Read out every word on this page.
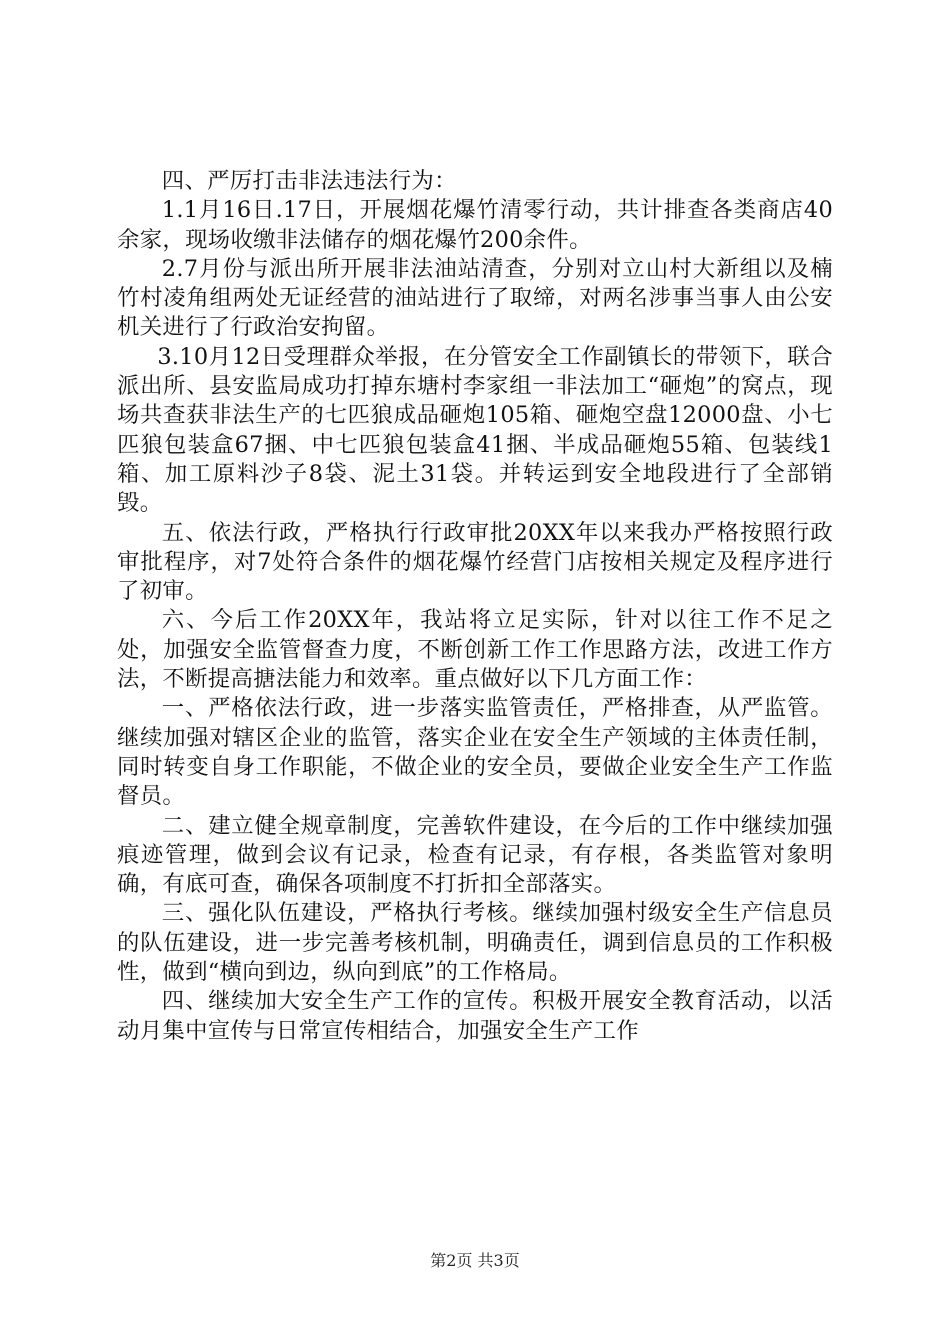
四、严厉打击非法违法行为：

1.1月16日.17日，开展烟花爆竹清零行动，共计排查各类商店40余家，现场收缴非法储存的烟花爆竹200余件。

2.7月份与派出所开展非法油站清查，分别对立山村大新组以及楠竹村凌角组两处无证经营的油站进行了取缔，对两名涉事当事人由公安机关进行了行政治安拘留。

3.10月12日受理群众举报，在分管安全工作副镇长的带领下，联合派出所、县安监局成功打掉东塘村李家组一非法加工“砸炮”的窝点，现场共查获非法生产的七匹狼成品砸炮105箱、砸炮空盘12000盘、小七匹狼包装盒67捆、中七匹狼包装盒41捆、半成品砸炮55箱、包装线1箱、加工原料沙子8袋、泥土31袋。并转运到安全地段进行了全部销毁。

五、依法行政，严格执行行政审批20XX年以来我办严格按照行政审批程序，对7处符合条件的烟花爆竹经营门店按相关规定及程序进行了初审。

六、今后工作20XX年，我站将立足实际，针对以往工作不足之处，加强安全监管督查力度，不断创新工作工作思路方法，改进工作方法，不断提高搪法能力和效率。重点做好以下几方面工作：

一、严格依法行政，进一步落实监管责任，严格排查，从严监管。继续加强对辖区企业的监管，落实企业在安全生产领域的主体责任制，同时转变自身工作职能，不做企业的安全员，要做企业安全生产工作监督员。

二、建立健全规章制度，完善软件建设，在今后的工作中继续加强痕迹管理，做到会议有记录，检查有记录，有存根，各类监管对象明确，有底可查，确保各项制度不打折扣全部落实。

三、强化队伍建设，严格执行考核。继续加强村级安全生产信息员的队伍建设，进一步完善考核机制，明确责任，调到信息员的工作积极性，做到“横向到边，纵向到底”的工作格局。

四、继续加大安全生产工作的宣传。积极开展安全教育活动，以活动月集中宣传与日常宣传相结合，加强安全生产工作

第2页 共3页
